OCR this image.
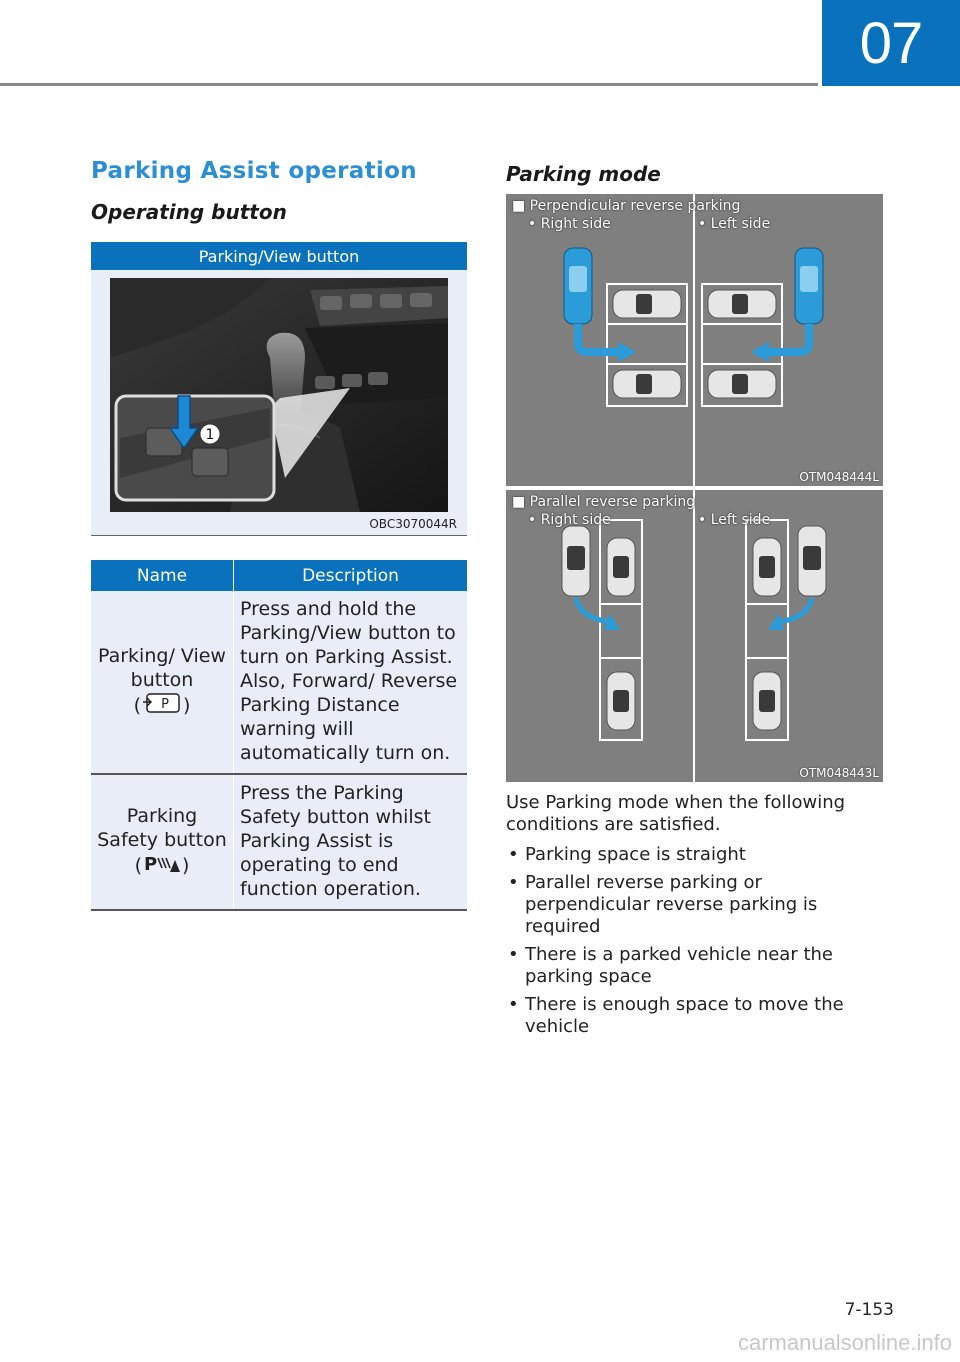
07
Parking Assist operation
Operating button
Parking/View button
1
OBC3070044R
Name	Description
Parking/ View button
( P )	Press and hold the Parking/View button to turn on Parking Assist. Also, Forward/ Reverse Parking Distance warning will automatically turn on.
Parking Safety button
( P )	Press the Parking Safety button whilst Parking Assist is operating to end function operation.
Parking mode
■ Perpendicular reverse parking
• Right side	• Left side
OTM048444L
■ Parallel reverse parking
• Right side	• Left side
OTM048443L

Use Parking mode when the following conditions are satisfied.

• Parking space is straight
• Parallel reverse parking or perpendicular reverse parking is required
• There is a parked vehicle near the parking space
• There is enough space to move the vehicle
7-153
carmanualsonline.info
